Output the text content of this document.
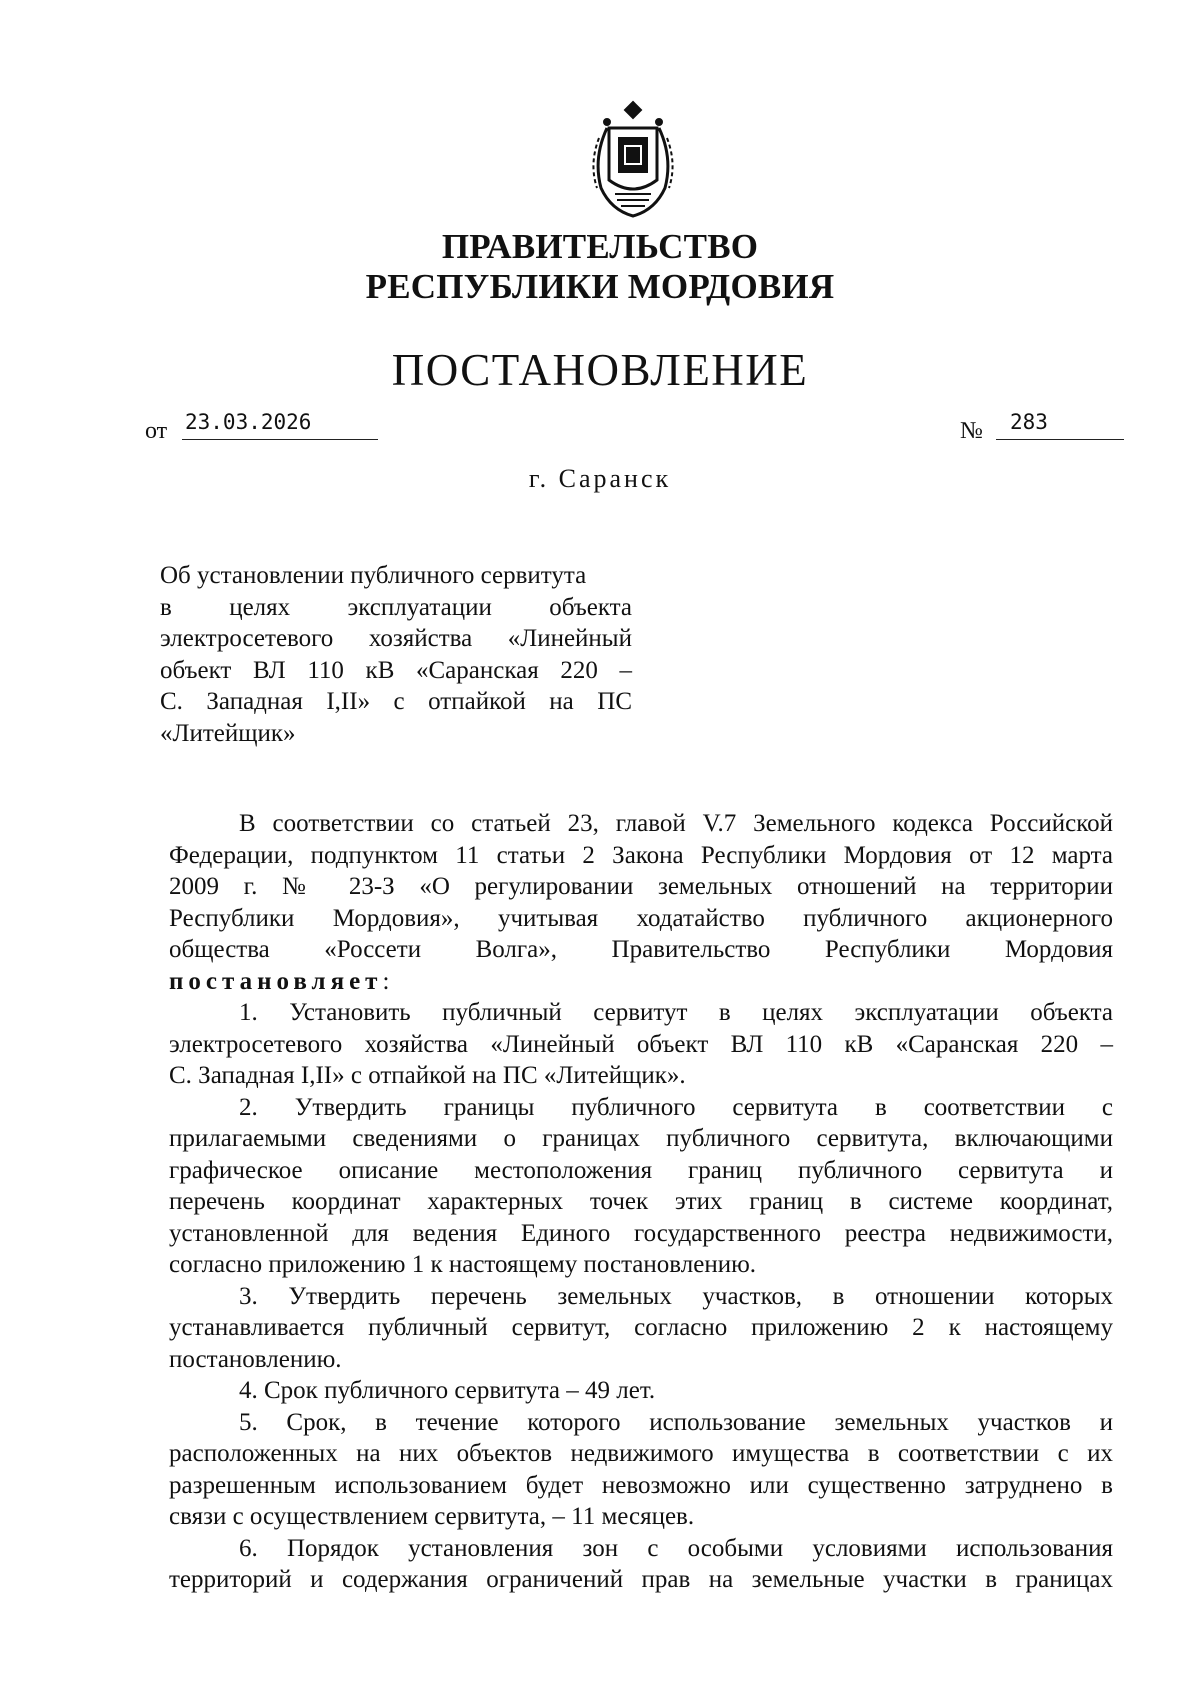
ПРАВИТЕЛЬСТВО
РЕСПУБЛИКИ МОРДОВИЯ
ПОСТАНОВЛЕНИЕ
от 23.03.2026	№	283
г. Саранск
Об установлении публичного сервитута
в целях эксплуатации объекта
электросетевого хозяйства «Линейный
объект ВЛ 110 кВ «Саранская 220 –
С. Западная I,II» с отпайкой на ПС
«Литейщик»
В соответствии со статьей 23, главой V.7 Земельного кодекса Российской
Федерации, подпунктом 11 статьи 2 Закона Республики Мордовия от 12 марта
2009 г. № 23-З «О регулировании земельных отношений на территории
Республики Мордовия», учитывая ходатайство публичного акционерного
общества «Россети Волга», Правительство Республики Мордовия
постановляет:
1. Установить публичный сервитут в целях эксплуатации объекта
электросетевого хозяйства «Линейный объект ВЛ 110 кВ «Саранская 220 –
С. Западная I,II» с отпайкой на ПС «Литейщик».
2. Утвердить границы публичного сервитута в соответствии с
прилагаемыми сведениями о границах публичного сервитута, включающими
графическое описание местоположения границ публичного сервитута и
перечень координат характерных точек этих границ в системе координат,
установленной для ведения Единого государственного реестра недвижимости,
согласно приложению 1 к настоящему постановлению.
3. Утвердить перечень земельных участков, в отношении которых
устанавливается публичный сервитут, согласно приложению 2 к настоящему
постановлению.
4. Срок публичного сервитута – 49 лет.
5. Срок, в течение которого использование земельных участков и
расположенных на них объектов недвижимого имущества в соответствии с их
разрешенным использованием будет невозможно или существенно затруднено в
связи с осуществлением сервитута, – 11 месяцев.
6. Порядок установления зон с особыми условиями использования
территорий и содержания ограничений прав на земельные участки в границах
